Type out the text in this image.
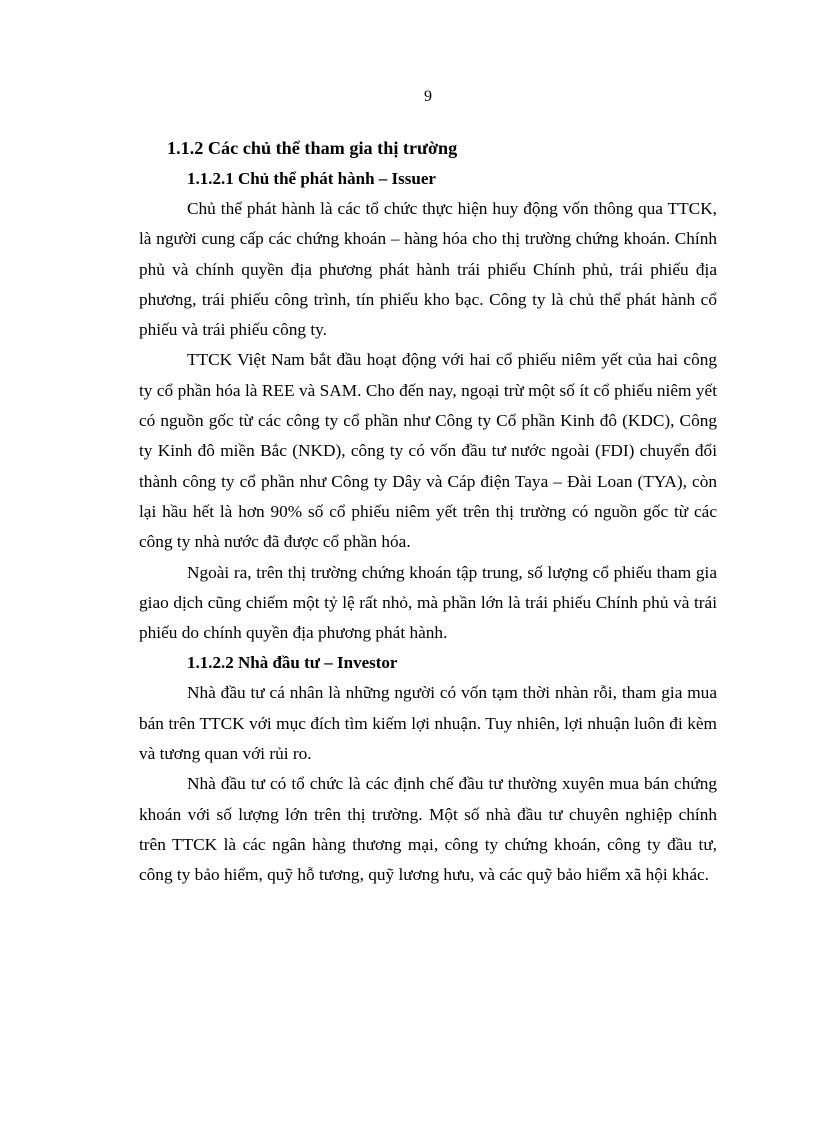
9
1.1.2 Các chủ thể tham gia thị trường
1.1.2.1 Chủ thể phát hành – Issuer

Chủ thể phát hành là các tổ chức thực hiện huy động vốn thông qua TTCK, là người cung cấp các chứng khoán – hàng hóa cho thị trường chứng khoán. Chính phủ và chính quyền địa phương phát hành trái phiếu Chính phủ, trái phiếu địa phương, trái phiếu công trình, tín phiếu kho bạc. Công ty là chủ thể phát hành cổ phiếu và trái phiếu công ty.

TTCK Việt Nam bắt đầu hoạt động với hai cổ phiếu niêm yết của hai công ty cổ phần hóa là REE và SAM. Cho đến nay, ngoại trừ một số ít cổ phiếu niêm yết có nguồn gốc từ các công ty cổ phần như Công ty Cổ phần Kinh đô (KDC), Công ty Kinh đô miền Bắc (NKD), công ty có vốn đầu tư nước ngoài (FDI) chuyển đổi thành công ty cổ phần như Công ty Dây và Cáp điện Taya – Đài Loan (TYA), còn lại hầu hết là hơn 90% số cổ phiếu niêm yết trên thị trường có nguồn gốc từ các công ty nhà nước đã được cổ phần hóa.

Ngoài ra, trên thị trường chứng khoán tập trung, số lượng cổ phiếu tham gia giao dịch cũng chiếm một tỷ lệ rất nhỏ, mà phần lớn là trái phiếu Chính phủ và trái phiếu do chính quyền địa phương phát hành.

1.1.2.2 Nhà đầu tư – Investor

Nhà đầu tư cá nhân là những người có vốn tạm thời nhàn rỗi, tham gia mua bán trên TTCK với mục đích tìm kiếm lợi nhuận. Tuy nhiên, lợi nhuận luôn đi kèm và tương quan với rủi ro.

Nhà đầu tư có tổ chức là các định chế đầu tư thường xuyên mua bán chứng khoán với số lượng lớn trên thị trường. Một số nhà đầu tư chuyên nghiệp chính trên TTCK là các ngân hàng thương mại, công ty chứng khoán, công ty đầu tư, công ty bảo hiểm, quỹ hỗ tương, quỹ lương hưu, và các quỹ bảo hiểm xã hội khác.
